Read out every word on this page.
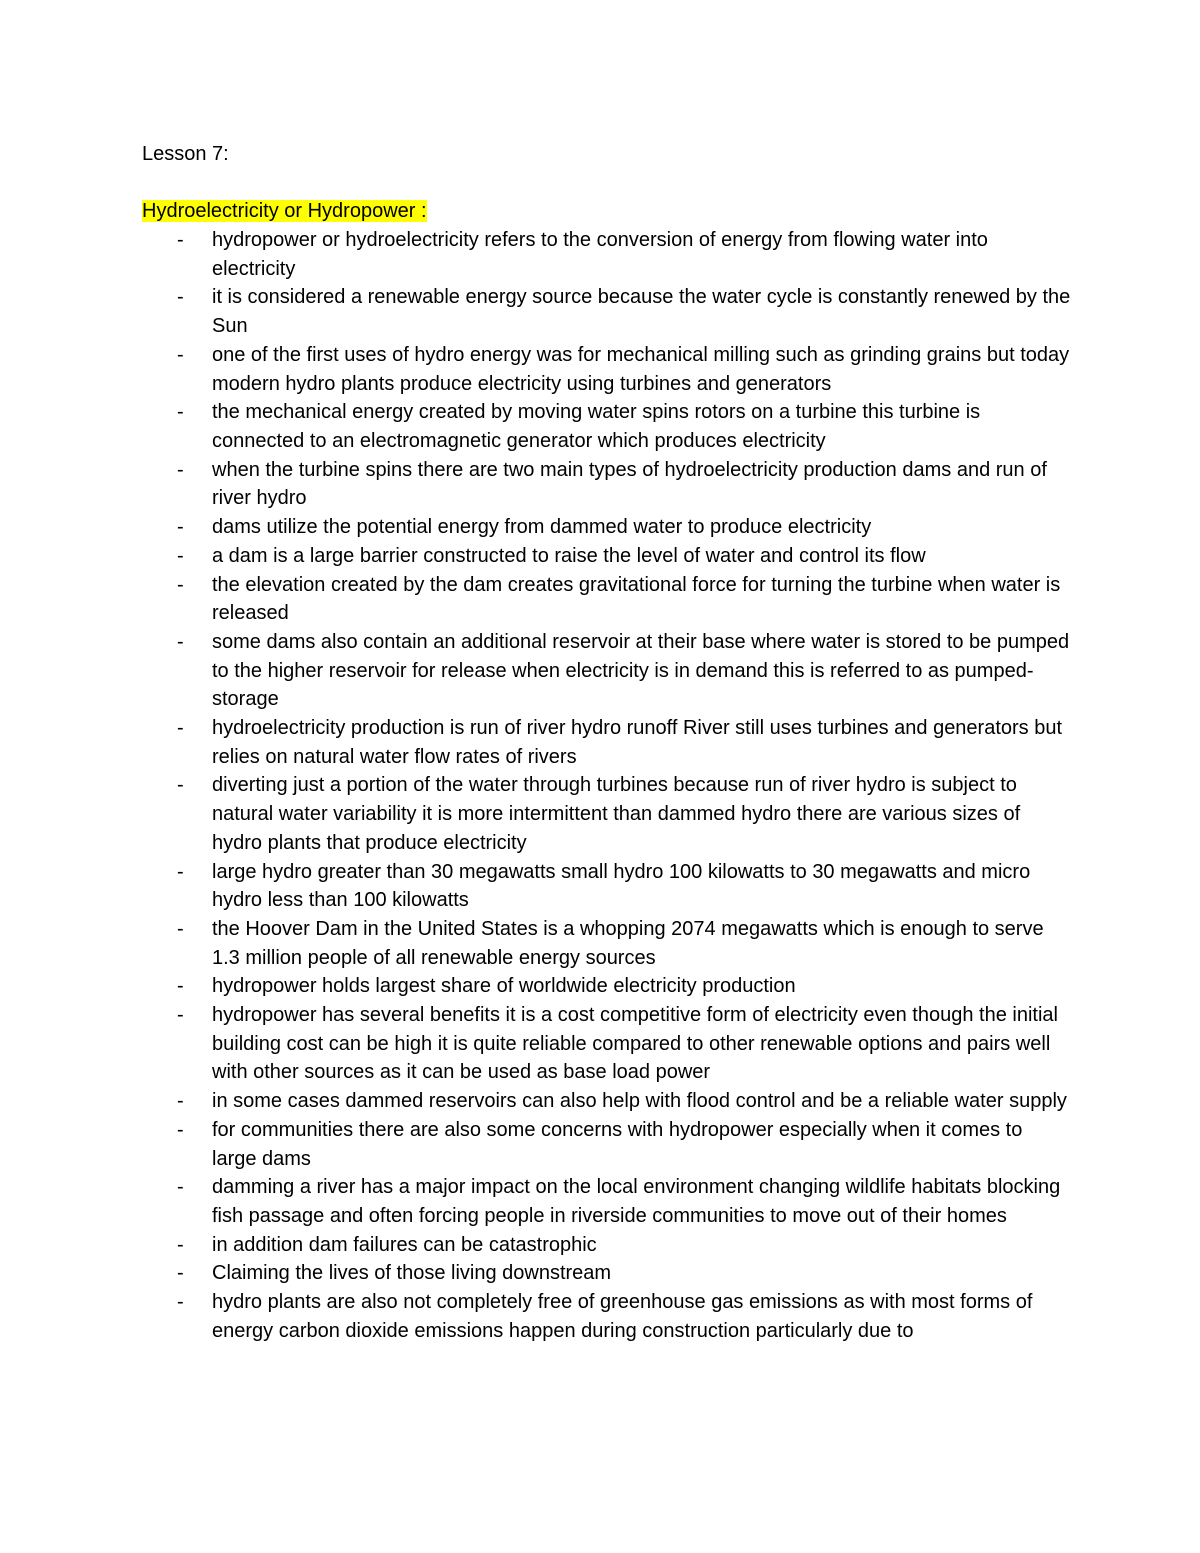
Lesson 7:

Hydroelectricity or Hydropower :

- hydropower or hydroelectricity refers to the conversion of energy from flowing water into electricity
- it is considered a renewable energy source because the water cycle is constantly renewed by the Sun
- one of the first uses of hydro energy was for mechanical milling such as grinding grains but today modern hydro plants produce electricity using turbines and generators
- the mechanical energy created by moving water spins rotors on a turbine this turbine is connected to an electromagnetic generator which produces electricity
- when the turbine spins there are two main types of hydroelectricity production dams and run of river hydro
- dams utilize the potential energy from dammed water to produce electricity
- a dam is a large barrier constructed to raise the level of water and control its flow
- the elevation created by the dam creates gravitational force for turning the turbine when water is released
- some dams also contain an additional reservoir at their base where water is stored to be pumped to the higher reservoir for release when electricity is in demand this is referred to as pumped-storage
- hydroelectricity production is run of river hydro runoff River still uses turbines and generators but relies on natural water flow rates of rivers
- diverting just a portion of the water through turbines because run of river hydro is subject to natural water variability it is more intermittent than dammed hydro there are various sizes of hydro plants that produce electricity
- large hydro greater than 30 megawatts small hydro 100 kilowatts to 30 megawatts and micro hydro less than 100 kilowatts
- the Hoover Dam in the United States is a whopping 2074 megawatts which is enough to serve 1.3 million people of all renewable energy sources
- hydropower holds largest share of worldwide electricity production
- hydropower has several benefits it is a cost competitive form of electricity even though the initial building cost can be high it is quite reliable compared to other renewable options and pairs well with other sources as it can be used as base load power
- in some cases dammed reservoirs can also help with flood control and be a reliable water supply
- for communities there are also some concerns with hydropower especially when it comes to large dams
- damming a river has a major impact on the local environment changing wildlife habitats blocking fish passage and often forcing people in riverside communities to move out of their homes
- in addition dam failures can be catastrophic
- Claiming the lives of those living downstream
- hydro plants are also not completely free of greenhouse gas emissions as with most forms of energy carbon dioxide emissions happen during construction particularly due to
